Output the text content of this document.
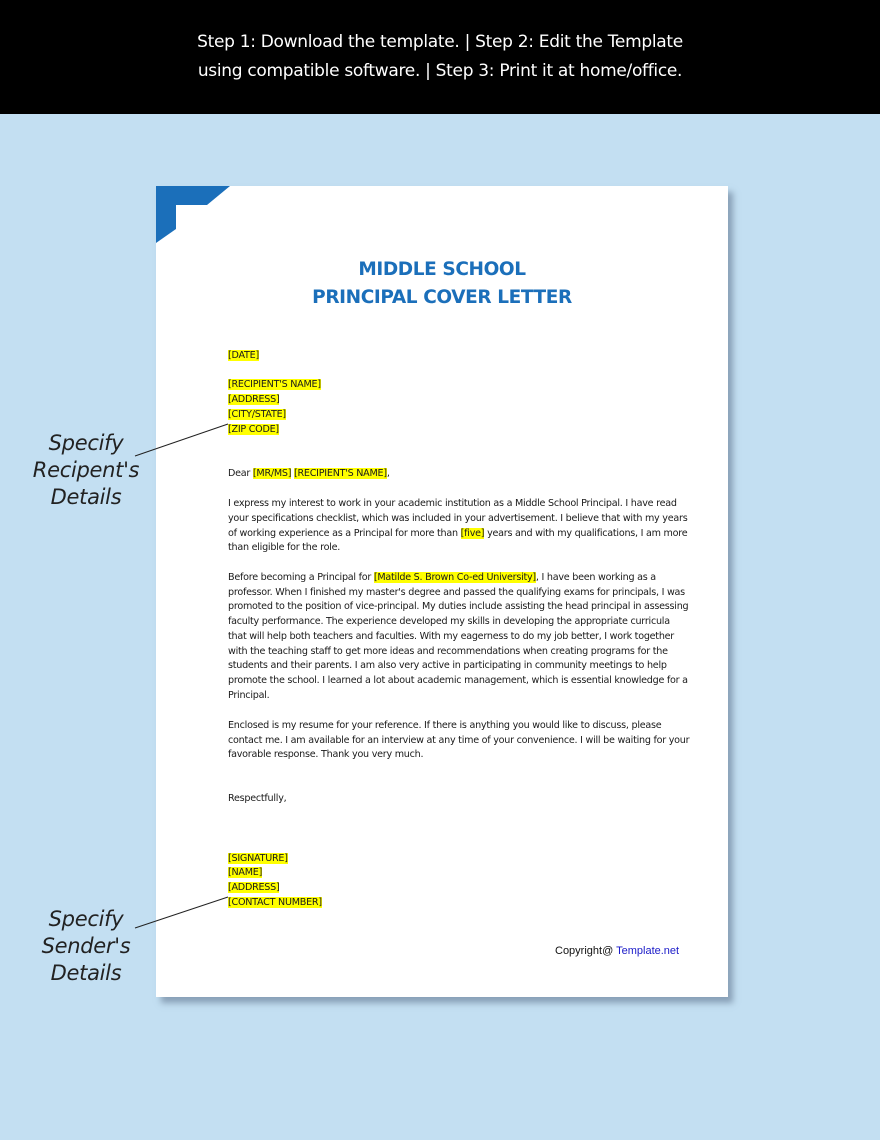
Step 1: Download the template. | Step 2: Edit the Template
using compatible software. | Step 3: Print it at home/office.
Specify
Recipent's
Details
Specify
Sender's
Details
MIDDLE SCHOOL
PRINCIPAL COVER LETTER
[DATE]
[RECIPIENT'S NAME]
[ADDRESS]
[CITY/STATE]
[ZIP CODE]
Dear [MR/MS] [RECIPIENT'S NAME],
I express my interest to work in your academic institution as a Middle School Principal. I have read
your specifications checklist, which was included in your advertisement. I believe that with my years
of working experience as a Principal for more than [five] years and with my qualifications, I am more
than eligible for the role.
Before becoming a Principal for [Matilde S. Brown Co-ed University], I have been working as a
professor. When I finished my master's degree and passed the qualifying exams for principals, I was
promoted to the position of vice-principal. My duties include assisting the head principal in assessing
faculty performance. The experience developed my skills in developing the appropriate curricula
that will help both teachers and faculties. With my eagerness to do my job better, I work together
with the teaching staff to get more ideas and recommendations when creating programs for the
students and their parents. I am also very active in participating in community meetings to help
promote the school. I learned a lot about academic management, which is essential knowledge for a
Principal.
Enclosed is my resume for your reference. If there is anything you would like to discuss, please
contact me. I am available for an interview at any time of your convenience. I will be waiting for your
favorable response. Thank you very much.
Respectfully,
[SIGNATURE]
[NAME]
[ADDRESS]
[CONTACT NUMBER]
Copyright@ Template.net
